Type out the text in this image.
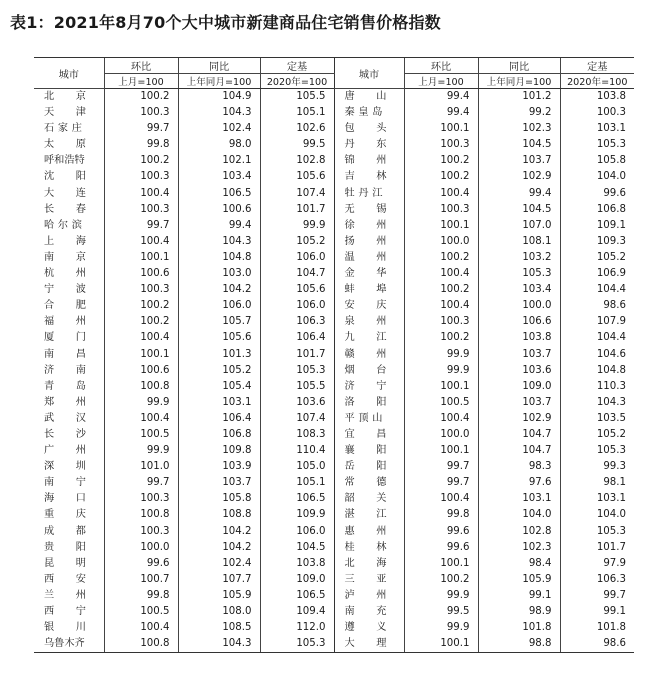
表1：2021年8月70个大中城市新建商品住宅销售价格指数
城市	环比	同比	定基	城市	环比	同比	定基
	上月=100	上年同月=100	2020年=100		上月=100	上年同月=100	2020年=100
北京	100.2	104.9	105.5	唐山	99.4	101.2	103.8
天津	100.3	104.3	105.1	秦皇岛	99.4	99.2	100.3
石家庄	99.7	102.4	102.6	包头	100.1	102.3	103.1
太原	99.8	98.0	99.5	丹东	100.3	104.5	105.3
呼和浩特	100.2	102.1	102.8	锦州	100.2	103.7	105.8
沈阳	100.3	103.4	105.6	吉林	100.2	102.9	104.0
大连	100.4	106.5	107.4	牡丹江	100.4	99.4	99.6
长春	100.3	100.6	101.7	无锡	100.3	104.5	106.8
哈尔滨	99.7	99.4	99.9	徐州	100.1	107.0	109.1
上海	100.4	104.3	105.2	扬州	100.0	108.1	109.3
南京	100.1	104.8	106.0	温州	100.2	103.2	105.2
杭州	100.6	103.0	104.7	金华	100.4	105.3	106.9
宁波	100.3	104.2	105.6	蚌埠	100.2	103.4	104.4
合肥	100.2	106.0	106.0	安庆	100.4	100.0	98.6
福州	100.2	105.7	106.3	泉州	100.3	106.6	107.9
厦门	100.4	105.6	106.4	九江	100.2	103.8	104.4
南昌	100.1	101.3	101.7	赣州	99.9	103.7	104.6
济南	100.6	105.2	105.3	烟台	99.9	103.6	104.8
青岛	100.8	105.4	105.5	济宁	100.1	109.0	110.3
郑州	99.9	103.1	103.6	洛阳	100.5	103.7	104.3
武汉	100.4	106.4	107.4	平顶山	100.4	102.9	103.5
长沙	100.5	106.8	108.3	宜昌	100.0	104.7	105.2
广州	99.9	109.8	110.4	襄阳	100.1	104.7	105.3
深圳	101.0	103.9	105.0	岳阳	99.7	98.3	99.3
南宁	99.7	103.7	105.1	常德	99.7	97.6	98.1
海口	100.3	105.8	106.5	韶关	100.4	103.1	103.1
重庆	100.8	108.8	109.9	湛江	99.8	104.0	104.0
成都	100.3	104.2	106.0	惠州	99.6	102.8	105.3
贵阳	100.0	104.2	104.5	桂林	99.6	102.3	101.7
昆明	99.6	102.4	103.8	北海	100.1	98.4	97.9
西安	100.7	107.7	109.0	三亚	100.2	105.9	106.3
兰州	99.8	105.9	106.5	泸州	99.9	99.1	99.7
西宁	100.5	108.0	109.4	南充	99.5	98.9	99.1
银川	100.4	108.5	112.0	遵义	99.9	101.8	101.8
乌鲁木齐	100.8	104.3	105.3	大理	100.1	98.8	98.6
